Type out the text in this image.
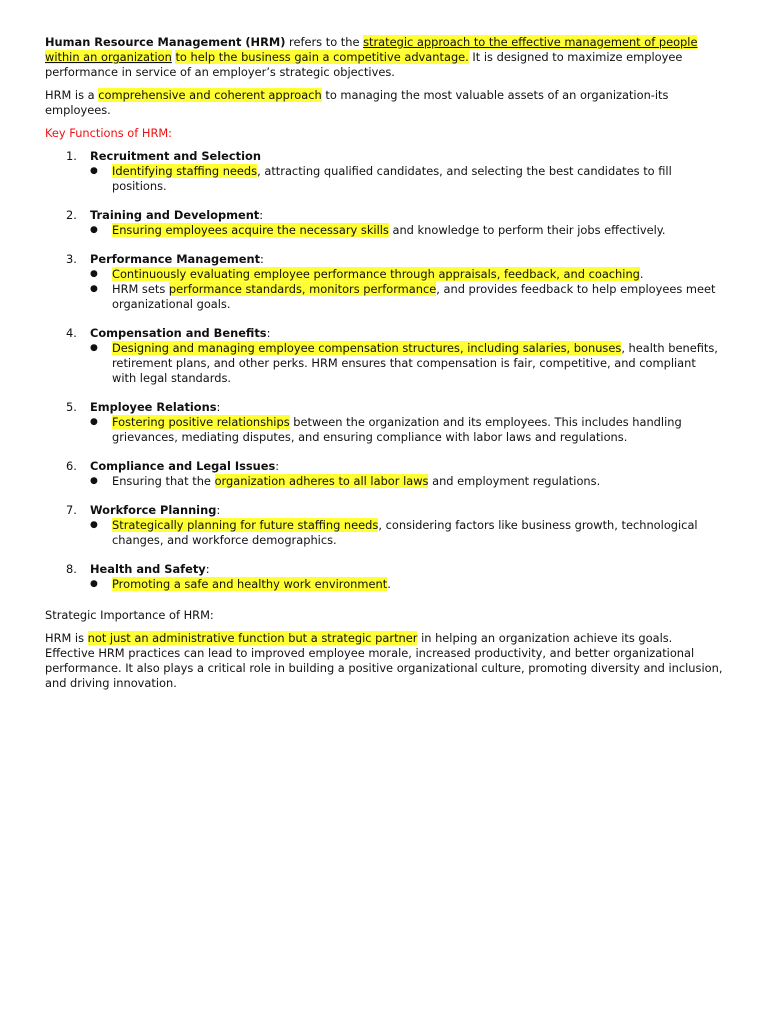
Human Resource Management (HRM) refers to the strategic approach to the effective management of people within an organization to help the business gain a competitive advantage. It is designed to maximize employee performance in service of an employer’s strategic objectives.

HRM is a comprehensive and coherent approach to managing the most valuable assets of an organization-its employees.

Key Functions of HRM:

1.	Recruitment and Selection
●	Identifying staffing needs, attracting qualified candidates, and selecting the best candidates to fill positions.
2.	Training and Development:
●	Ensuring employees acquire the necessary skills and knowledge to perform their jobs effectively.
3.	Performance Management:
●	Continuously evaluating employee performance through appraisals, feedback, and coaching.
●	HRM sets performance standards, monitors performance, and provides feedback to help employees meet organizational goals.
4.	Compensation and Benefits:
●	Designing and managing employee compensation structures, including salaries, bonuses, health benefits, retirement plans, and other perks. HRM ensures that compensation is fair, competitive, and compliant with legal standards.
5.	Employee Relations:
●	Fostering positive relationships between the organization and its employees. This includes handling grievances, mediating disputes, and ensuring compliance with labor laws and regulations.
6.	Compliance and Legal Issues:
●	Ensuring that the organization adheres to all labor laws and employment regulations.
7.	Workforce Planning:
●	Strategically planning for future staffing needs, considering factors like business growth, technological changes, and workforce demographics.
8.	Health and Safety:
●	Promoting a safe and healthy work environment.

Strategic Importance of HRM:

HRM is not just an administrative function but a strategic partner in helping an organization achieve its goals. Effective HRM practices can lead to improved employee morale, increased productivity, and better organizational performance. It also plays a critical role in building a positive organizational culture, promoting diversity and inclusion, and driving innovation.
